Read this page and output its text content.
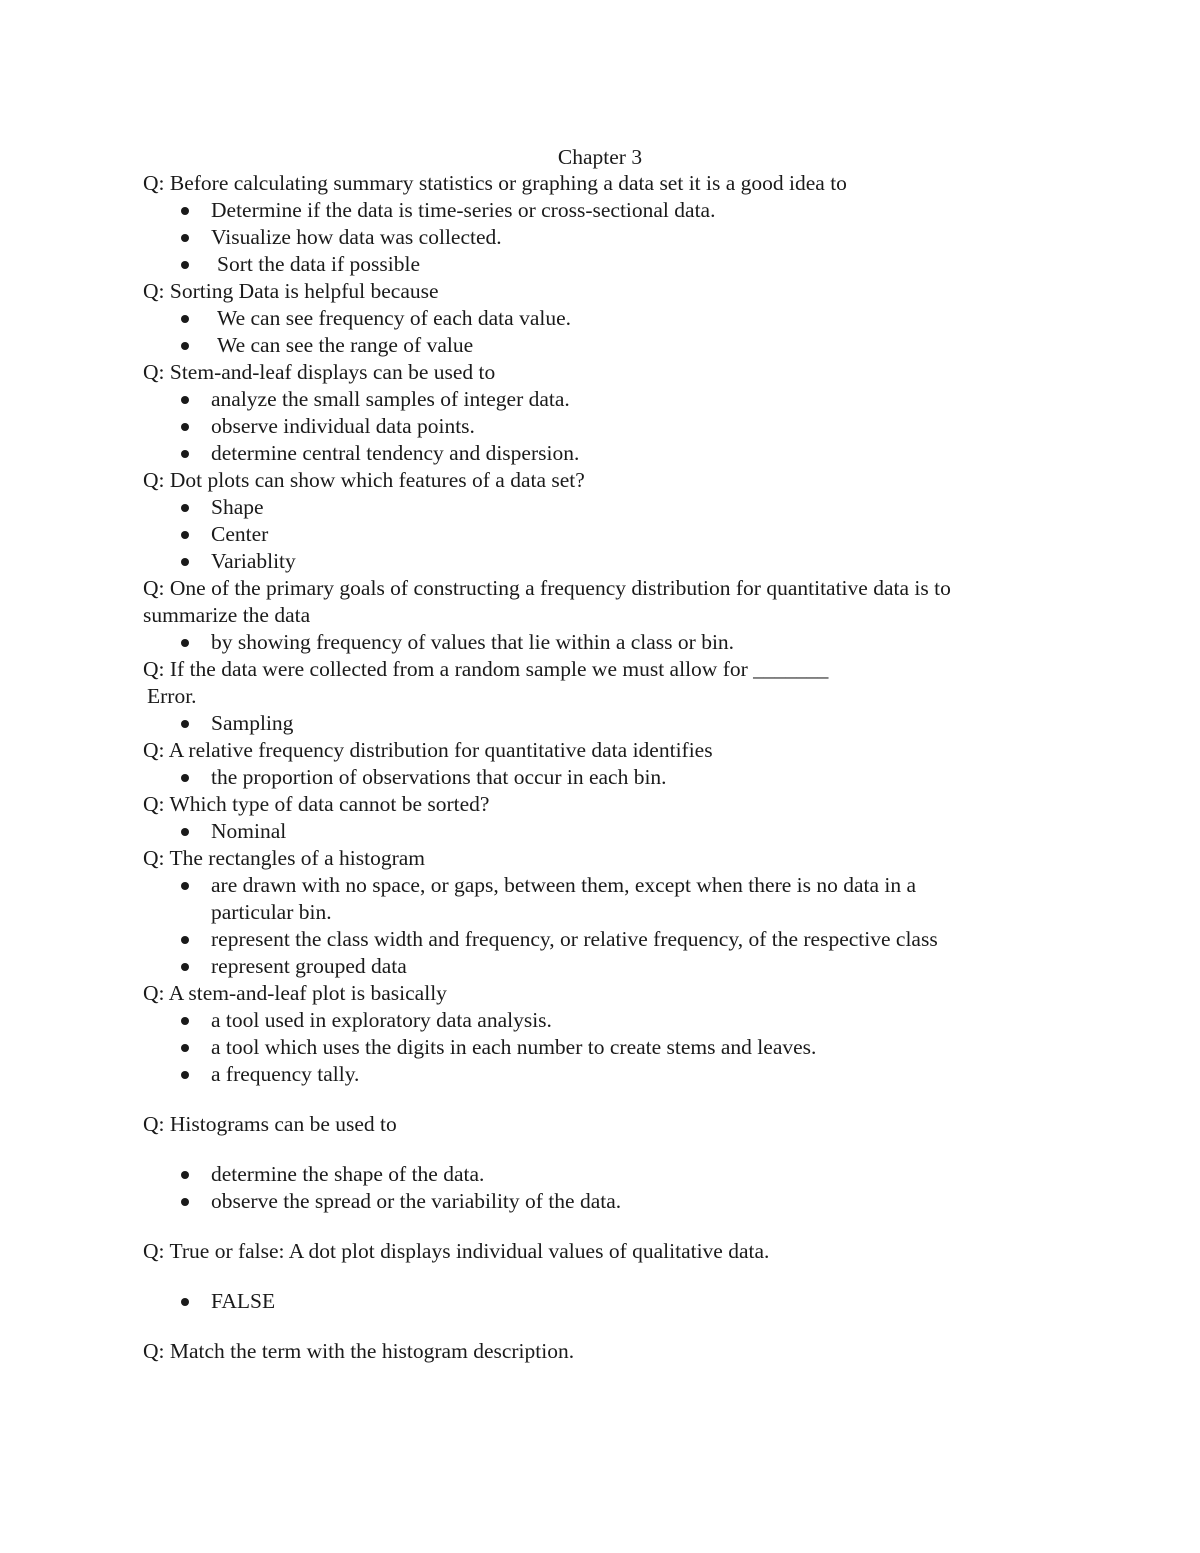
Chapter 3
Q: Before calculating summary statistics or graphing a data set it is a good idea to
Determine if the data is time-series or cross-sectional data.
Visualize how data was collected.
Sort the data if possible
Q: Sorting Data is helpful because
We can see frequency of each data value.
We can see the range of value
Q: Stem-and-leaf displays can be used to
analyze the small samples of integer data.
observe individual data points.
determine central tendency and dispersion.
Q: Dot plots can show which features of a data set?
Shape
Center
Variablity
Q: One of the primary goals of constructing a frequency distribution for quantitative data is to
summarize the data
by showing frequency of values that lie within a class or bin.
Q: If the data were collected from a random sample we must allow for _______
Error.
Sampling
Q: A relative frequency distribution for quantitative data identifies
the proportion of observations that occur in each bin.
Q: Which type of data cannot be sorted?
Nominal
Q: The rectangles of a histogram
are drawn with no space, or gaps, between them, except when there is no data in a
particular bin.
represent the class width and frequency, or relative frequency, of the respective class
represent grouped data
Q: A stem-and-leaf plot is basically
a tool used in exploratory data analysis.
a tool which uses the digits in each number to create stems and leaves.
a frequency tally.
Q: Histograms can be used to
determine the shape of the data.
observe the spread or the variability of the data.
Q: True or false: A dot plot displays individual values of qualitative data.
FALSE
Q: Match the term with the histogram description.
